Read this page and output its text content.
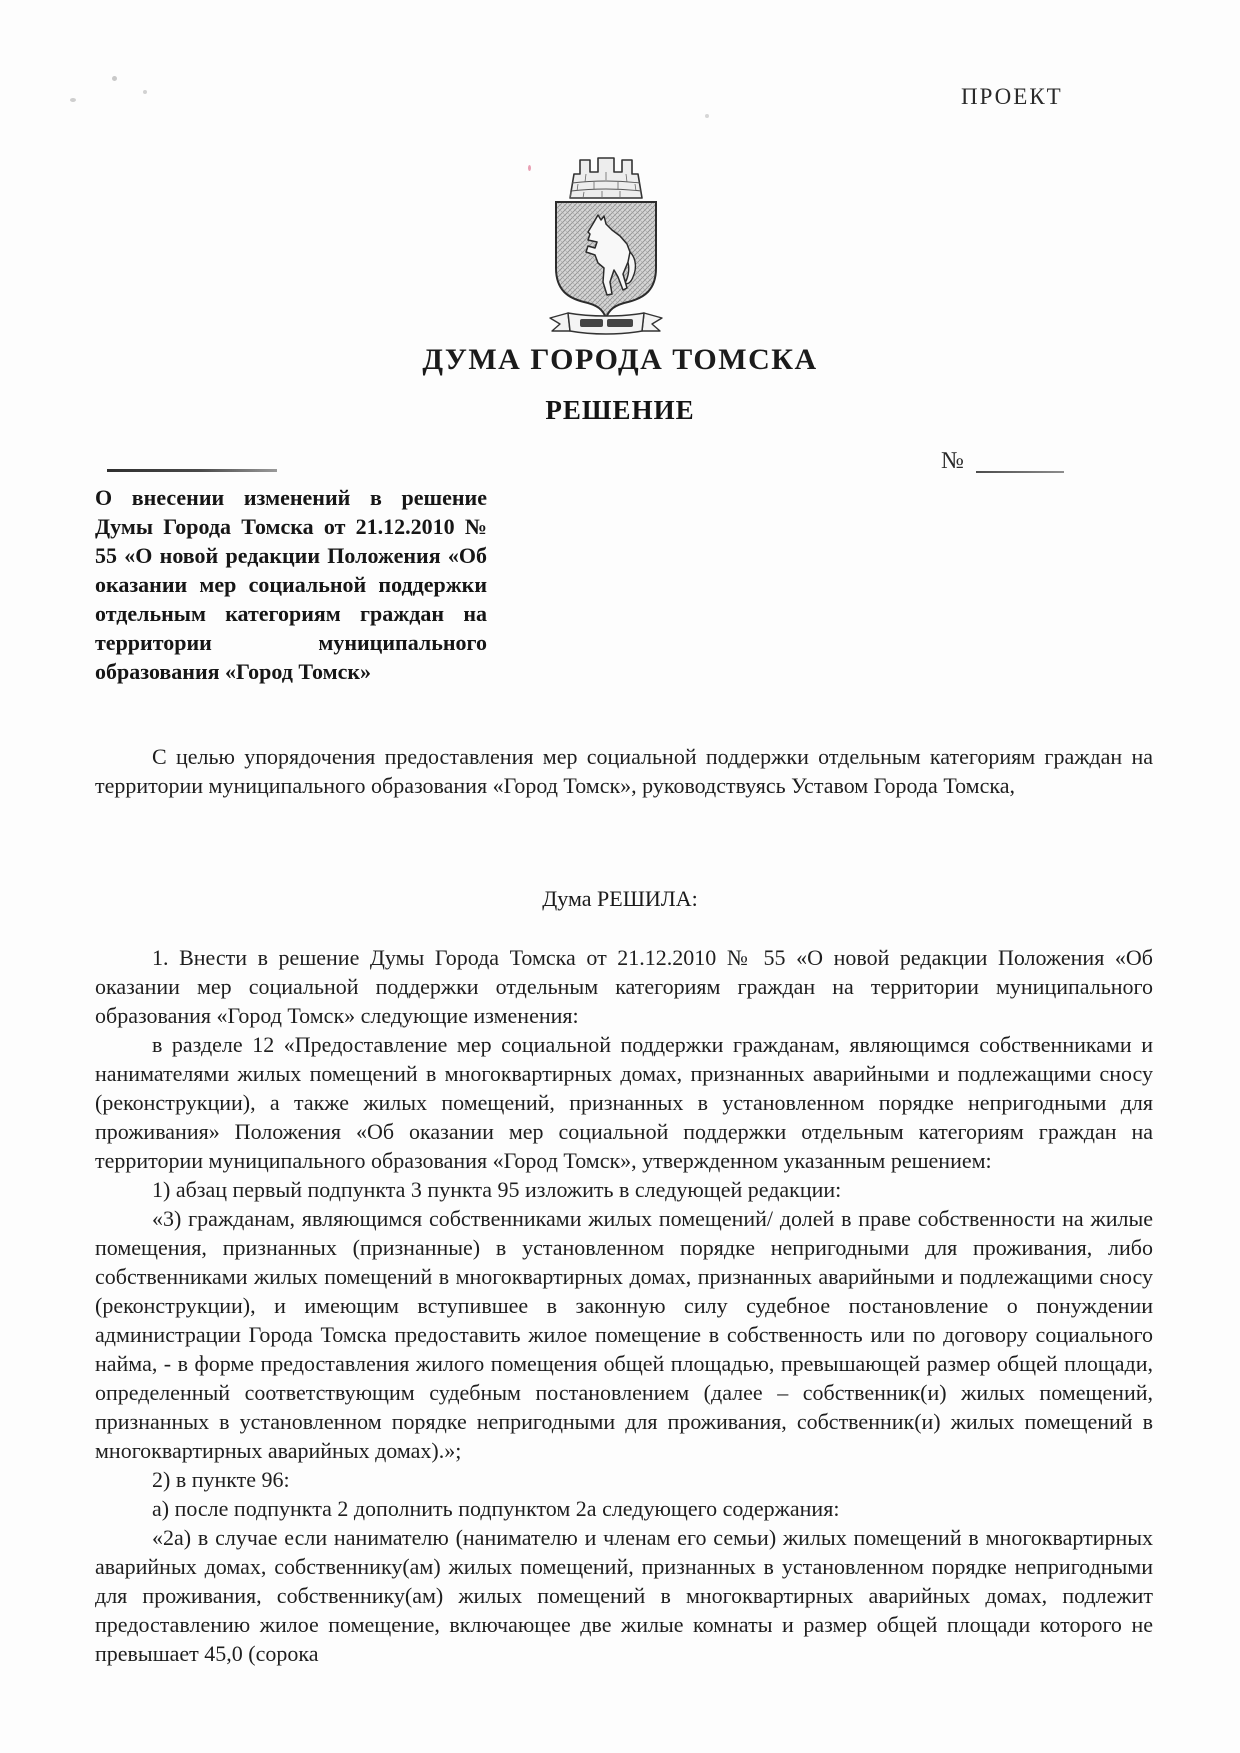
ПРОЕКТ
ДУМА ГОРОДА ТОМСКА
РЕШЕНИЕ
№
О внесении изменений в решение Думы Города Томска от 21.12.2010 № 55 «О новой редакции Положения «Об оказании мер социальной поддержки отдельным категориям граждан на территории муниципального образования «Город Томск»
С целью упорядочения предоставления мер социальной поддержки отдельным категориям граждан на территории муниципального образования «Город Томск», руководствуясь Уставом Города Томска,
Дума РЕШИЛА:

1. Внести в решение Думы Города Томска от 21.12.2010 № 55 «О новой редакции Положения «Об оказании мер социальной поддержки отдельным категориям граждан на территории муниципального образования «Город Томск» следующие изменения:

в разделе 12 «Предоставление мер социальной поддержки гражданам, являющимся собственниками и нанимателями жилых помещений в многоквартирных домах, признанных аварийными и подлежащими сносу (реконструкции), а также жилых помещений, признанных в установленном порядке непригодными для проживания» Положения «Об оказании мер социальной поддержки отдельным категориям граждан на территории муниципального образования «Город Томск», утвержденном указанным решением:

1) абзац первый подпункта 3 пункта 95 изложить в следующей редакции:

«3) гражданам, являющимся собственниками жилых помещений/ долей в праве собственности на жилые помещения, признанных (признанные) в установленном порядке непригодными для проживания, либо собственниками жилых помещений в многоквартирных домах, признанных аварийными и подлежащими сносу (реконструкции), и имеющим вступившее в законную силу судебное постановление о понуждении администрации Города Томска предоставить жилое помещение в собственность или по договору социального найма, - в форме предоставления жилого помещения общей площадью, превышающей размер общей площади, определенный соответствующим судебным постановлением (далее – собственник(и) жилых помещений, признанных в установленном порядке непригодными для проживания, собственник(и) жилых помещений в многоквартирных аварийных домах).»;

2) в пункте 96:

а) после подпункта 2 дополнить подпунктом 2а следующего содержания:

«2а) в случае если нанимателю (нанимателю и членам его семьи) жилых помещений в многоквартирных аварийных домах, собственнику(ам) жилых помещений, признанных в установленном порядке непригодными для проживания, собственнику(ам) жилых помещений в многоквартирных аварийных домах, подлежит предоставлению жилое помещение, включающее две жилые комнаты и размер общей площади которого не превышает 45,0 (сорока
